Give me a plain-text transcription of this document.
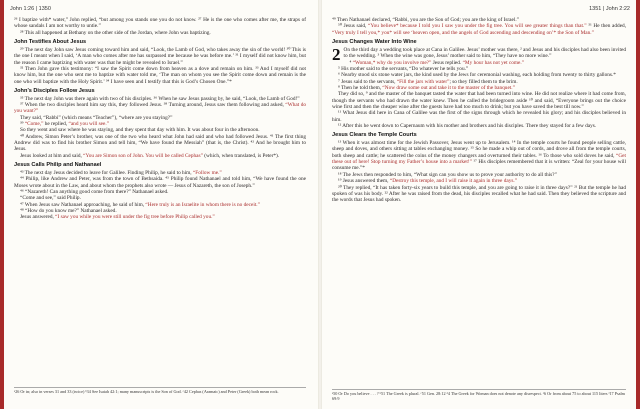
John 1:26 | 1350

²⁶ I baptize with* water,” John replied, “but among you stands one you do not know. ²⁷ He is the one who comes after me, the straps of whose sandals I am not worthy to untie.”

²⁸ This all happened at Bethany on the other side of the Jordan, where John was baptizing.

John Testifies About Jesus

²⁹ The next day John saw Jesus coming toward him and said, “Look, the Lamb of God, who takes away the sin of the world! ³⁰ This is the one I meant when I said, ‘A man who comes after me has surpassed me because he was before me.’ ³¹ I myself did not know him, but the reason I came baptizing with water was that he might be revealed to Israel.”

³² Then John gave this testimony: “I saw the Spirit come down from heaven as a dove and remain on him. ³³ And I myself did not know him, but the one who sent me to baptize with water told me, ‘The man on whom you see the Spirit come down and remain is the one who will baptize with the Holy Spirit.’ ³⁴ I have seen and I testify that this is God’s Chosen One.”*

John’s Disciples Follow Jesus

³⁵ The next day John was there again with two of his disciples. ³⁶ When he saw Jesus passing by, he said, “Look, the Lamb of God!”

³⁷ When the two disciples heard him say this, they followed Jesus. ³⁸ Turning around, Jesus saw them following and asked, “What do you want?”

They said, “Rabbi” (which means “Teacher”), “where are you staying?”

³⁹ “Come,” he replied, “and you will see.”

So they went and saw where he was staying, and they spent that day with him. It was about four in the afternoon.

⁴⁰ Andrew, Simon Peter’s brother, was one of the two who heard what John had said and who had followed Jesus. ⁴¹ The first thing Andrew did was to find his brother Simon and tell him, “We have found the Messiah” (that is, the Christ). ⁴² And he brought him to Jesus.

Jesus looked at him and said, “You are Simon son of John. You will be called Cephas” (which, when translated, is Peter*).

Jesus Calls Philip and Nathanael

⁴³ The next day Jesus decided to leave for Galilee. Finding Philip, he said to him, “Follow me.”

⁴⁴ Philip, like Andrew and Peter, was from the town of Bethsaida. ⁴⁵ Philip found Nathanael and told him, “We have found the one Moses wrote about in the Law, and about whom the prophets also wrote — Jesus of Nazareth, the son of Joseph.”

⁴⁶ “Nazareth! Can anything good come from there?” Nathanael asked.

“Come and see,” said Philip.

⁴⁷ When Jesus saw Nathanael approaching, he said of him, “Here truly is an Israelite in whom there is no deceit.”

⁴⁸ “How do you know me?” Nathanael asked.

Jesus answered, “I saw you while you were still under the fig tree before Philip called you.”

ᵃ26 Or in; also in verses 31 and 33 (twice) ᵇ34 See Isaiah 42:1; many manuscripts is the Son of God. ᶜ42 Cephas (Aramaic) and Peter (Greek) both mean rock.
1351 | John 2:22

⁴⁹ Then Nathanael declared, “Rabbi, you are the Son of God; you are the king of Israel.”

⁵⁰ Jesus said, “You believe* because I told you I saw you under the fig tree. You will see greater things than that.” ⁵¹ He then added, “Very truly I tell you,* you* will see ‘heaven open, and the angels of God ascending and descending on’* the Son of Man.”

Jesus Changes Water Into Wine

2 On the third day a wedding took place at Cana in Galilee. Jesus’ mother was there, ² and Jesus and his disciples had also been invited to the wedding. ³ When the wine was gone, Jesus’ mother said to him, “They have no more wine.”

⁴ “Woman,* why do you involve me?” Jesus replied. “My hour has not yet come.”

⁵ His mother said to the servants, “Do whatever he tells you.”

⁶ Nearby stood six stone water jars, the kind used by the Jews for ceremonial washing, each holding from twenty to thirty gallons.*

⁷ Jesus said to the servants, “Fill the jars with water”; so they filled them to the brim.

⁸ Then he told them, “Now draw some out and take it to the master of the banquet.”

They did so, ⁹ and the master of the banquet tasted the water that had been turned into wine. He did not realize where it had come from, though the servants who had drawn the water knew. Then he called the bridegroom aside ¹⁰ and said, “Everyone brings out the choice wine first and then the cheaper wine after the guests have had too much to drink; but you have saved the best till now.”

¹¹ What Jesus did here in Cana of Galilee was the first of the signs through which he revealed his glory; and his disciples believed in him.

¹² After this he went down to Capernaum with his mother and brothers and his disciples. There they stayed for a few days.

Jesus Clears the Temple Courts

¹³ When it was almost time for the Jewish Passover, Jesus went up to Jerusalem. ¹⁴ In the temple courts he found people selling cattle, sheep and doves, and others sitting at tables exchanging money. ¹⁵ So he made a whip out of cords, and drove all from the temple courts, both sheep and cattle; he scattered the coins of the money changers and overturned their tables. ¹⁶ To those who sold doves he said, “Get these out of here! Stop turning my Father’s house into a market!” ¹⁷ His disciples remembered that it is written: “Zeal for your house will consume me.”*

¹⁸ The Jews then responded to him, “What sign can you show us to prove your authority to do all this?”

¹⁹ Jesus answered them, “Destroy this temple, and I will raise it again in three days.”

²⁰ They replied, “It has taken forty-six years to build this temple, and you are going to raise it in three days?” ²¹ But the temple he had spoken of was his body. ²² After he was raised from the dead, his disciples recalled what he had said. Then they believed the scripture and the words that Jesus had spoken.

ᵃ50 Or Do you believe . . . ? ᵇ51 The Greek is plural. ᶜ51 Gen. 28:12 ᵈ4 The Greek for Woman does not denote any disrespect. ᵉ6 Or from about 75 to about 115 liters ᶠ17 Psalm 69:9
